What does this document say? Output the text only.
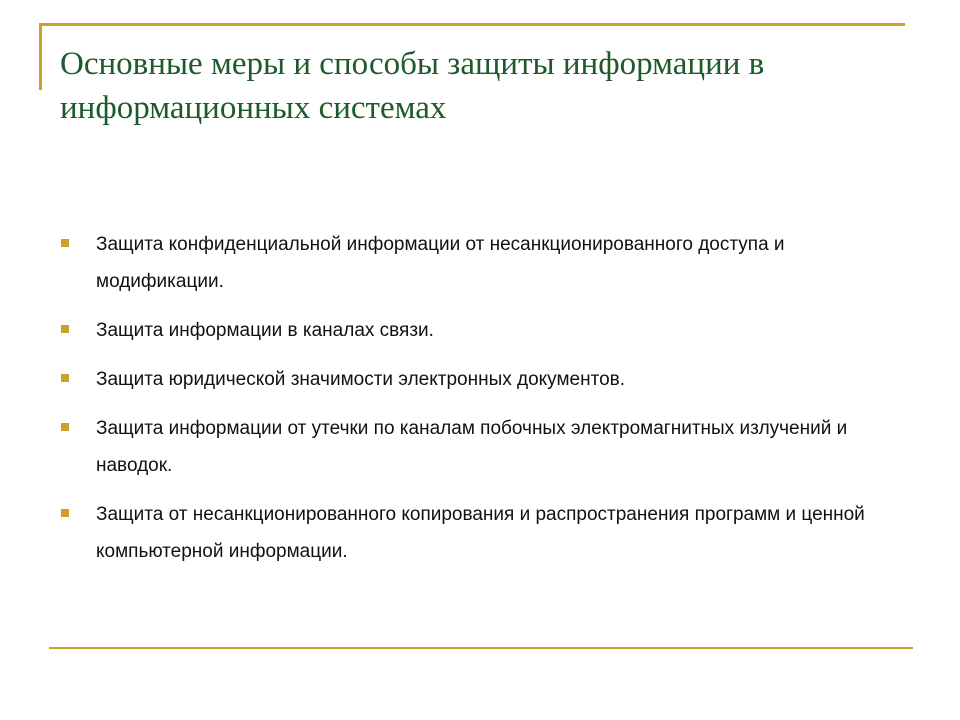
Основные меры и способы защиты информации в информационных системах
Защита конфиденциальной информации от несанкционированного доступа и модификации.
Защита информации в каналах связи.
Защита юридической значимости электронных документов.
Защита информации от утечки по каналам побочных электромагнитных излучений и наводок.
Защита от несанкционированного копирования и распространения программ и ценной компьютерной информации.
